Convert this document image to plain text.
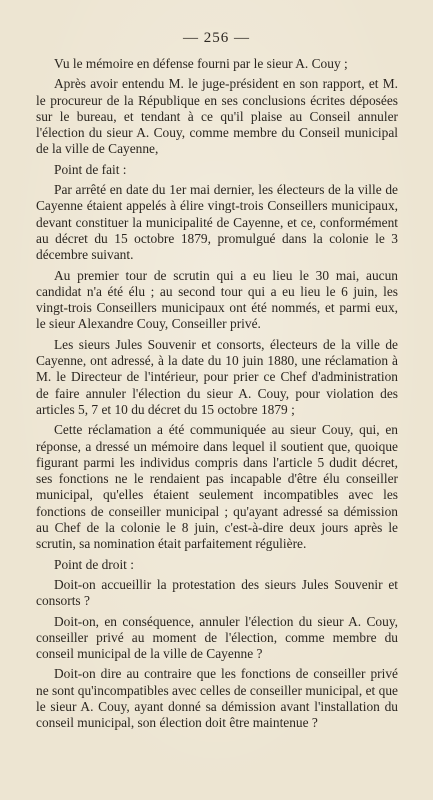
— 256 —

Vu le mémoire en défense fourni par le sieur A. Couy ;

Après avoir entendu M. le juge-président en son rapport, et M. le procureur de la République en ses conclusions écrites déposées sur le bureau, et tendant à ce qu'il plaise au Conseil annuler l'élection du sieur A. Couy, comme membre du Conseil municipal de la ville de Cayenne,

Point de fait :

Par arrêté en date du 1er mai dernier, les électeurs de la ville de Cayenne étaient appelés à élire vingt-trois Conseillers municipaux, devant constituer la municipalité de Cayenne, et ce, conformément au décret du 15 octobre 1879, promulgué dans la colonie le 3 décembre suivant.

Au premier tour de scrutin qui a eu lieu le 30 mai, aucun candidat n'a été élu ; au second tour qui a eu lieu le 6 juin, les vingt-trois Conseillers municipaux ont été nommés, et parmi eux, le sieur Alexandre Couy, Conseiller privé.

Les sieurs Jules Souvenir et consorts, électeurs de la ville de Cayenne, ont adressé, à la date du 10 juin 1880, une réclamation à M. le Directeur de l'intérieur, pour prier ce Chef d'administration de faire annuler l'élection du sieur A. Couy, pour violation des articles 5, 7 et 10 du décret du 15 octobre 1879 ;

Cette réclamation a été communiquée au sieur Couy, qui, en réponse, a dressé un mémoire dans lequel il soutient que, quoique figurant parmi les individus compris dans l'article 5 dudit décret, ses fonctions ne le rendaient pas incapable d'être élu conseiller municipal, qu'elles étaient seulement incompatibles avec les fonctions de conseiller municipal ; qu'ayant adressé sa démission au Chef de la colonie le 8 juin, c'est-à-dire deux jours après le scrutin, sa nomination était parfaitement régulière.

Point de droit :

Doit-on accueillir la protestation des sieurs Jules Souvenir et consorts ?

Doit-on, en conséquence, annuler l'élection du sieur A. Couy, conseiller privé au moment de l'élection, comme membre du conseil municipal de la ville de Cayenne ?

Doit-on dire au contraire que les fonctions de conseiller privé ne sont qu'incompatibles avec celles de conseiller municipal, et que le sieur A. Couy, ayant donné sa démission avant l'installation du conseil municipal, son élection doit être maintenue ?
